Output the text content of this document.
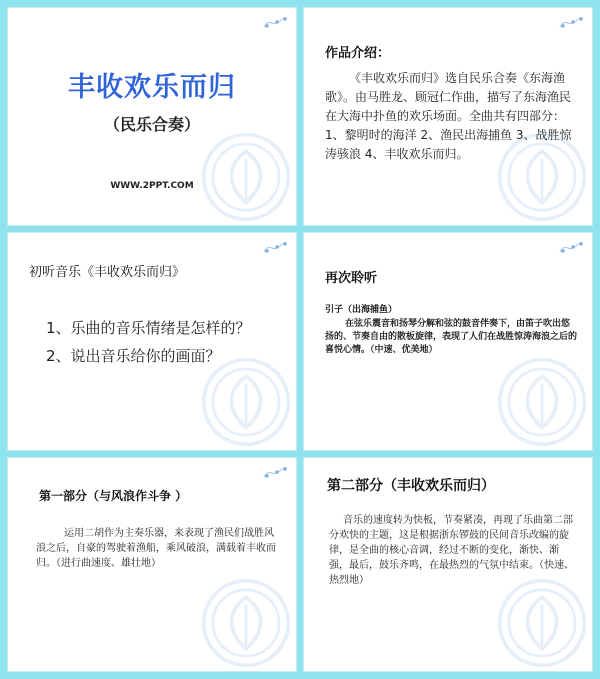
丰收欢乐而归
（民乐合奏）
WWW.2PPT.COM
作品介绍：
《丰收欢乐而归》选自民乐合奏《东海渔歌》。由马胜龙、顾冠仁作曲，描写了东海渔民在大海中扑鱼的欢乐场面。全曲共有四部分：1、黎明时的海洋 2、渔民出海捕鱼 3、战胜惊涛骇浪 4、丰收欢乐而归。
初听音乐《丰收欢乐而归》
1、乐曲的音乐情绪是怎样的？
2、说出音乐给你的画面？
再次聆听
引子（出海捕鱼）
在弦乐震音和扬琴分解和弦的鼓音伴奏下，由笛子吹出悠扬的、节奏自由的散板旋律，表现了人们在战胜惊涛海浪之后的喜悦心情。（中速、优美地）
第一部分（与风浪作斗争 ）
运用二胡作为主奏乐器，来表现了渔民们战胜风浪之后，自豪的驾驶着渔船，乘风破浪，满载着丰收而归。（进行曲速度、雄壮地）
第二部分（丰收欢乐而归）
音乐的速度转为快板，节奏紧凑，再现了乐曲第二部分欢快的主题，这是根据浙东锣鼓的民间音乐改编的旋律，是全曲的核心音调，经过不断的变化，渐快、渐强，最后，鼓乐齐鸣，在最热烈的气氛中结束。（快速、热烈地）
